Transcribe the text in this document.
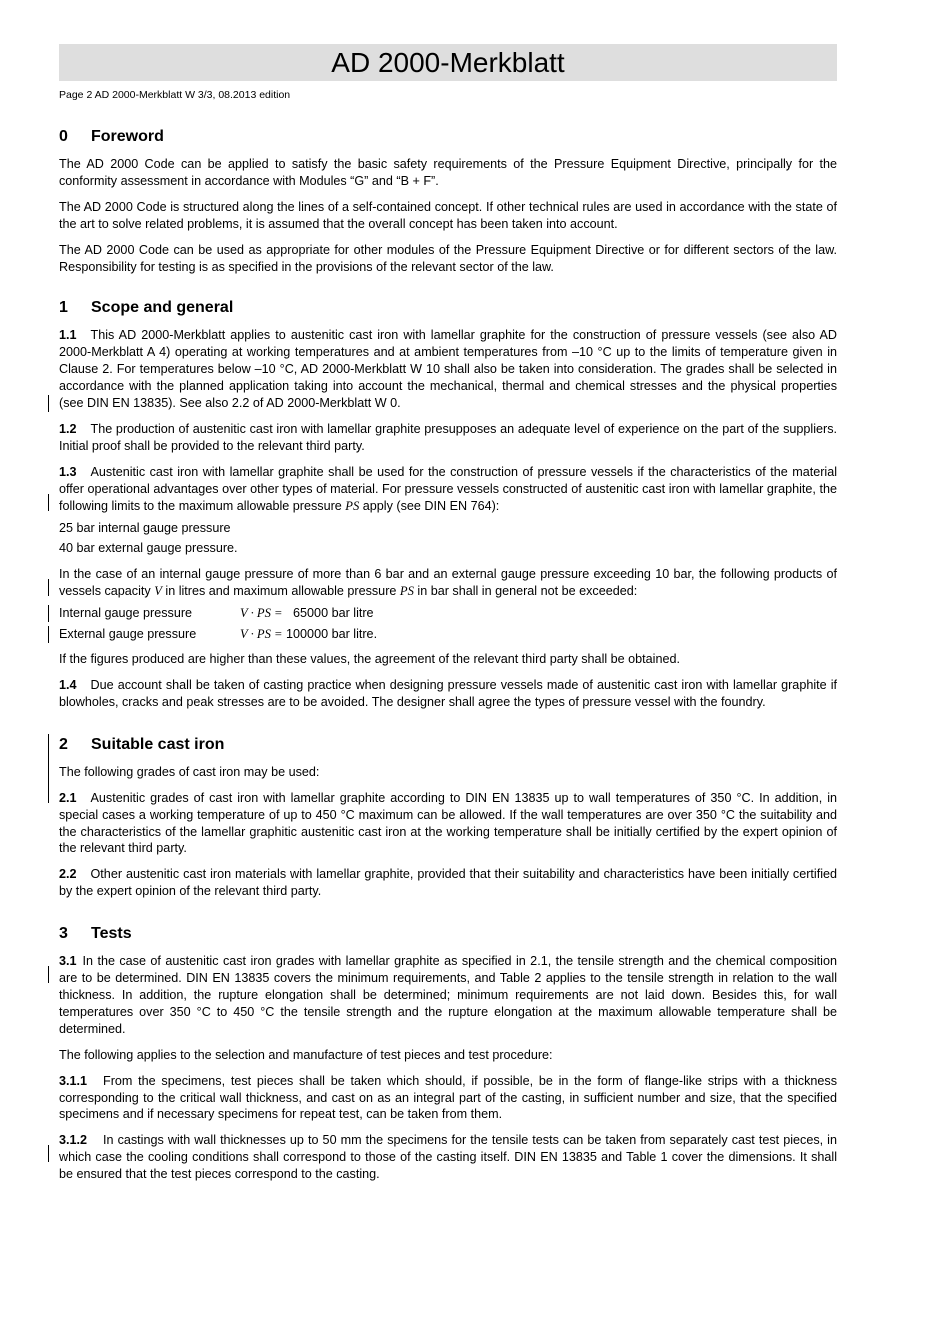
AD 2000-Merkblatt
Page 2 AD 2000-Merkblatt W 3/3, 08.2013 edition
0 Foreword

The AD 2000 Code can be applied to satisfy the basic safety requirements of the Pressure Equipment Directive, principally for the conformity assessment in accordance with Modules “G” and “B + F”.

The AD 2000 Code is structured along the lines of a self-contained concept. If other technical rules are used in accordance with the state of the art to solve related problems, it is assumed that the overall concept has been taken into account.

The AD 2000 Code can be used as appropriate for other modules of the Pressure Equipment Directive or for different sectors of the law. Responsibility for testing is as specified in the provisions of the relevant sector of the law.

1 Scope and general

1.1 This AD 2000-Merkblatt applies to austenitic cast iron with lamellar graphite for the construction of pressure vessels (see also AD 2000-Merkblatt A 4) operating at working temperatures and at ambient temperatures from –10 °C up to the limits of temperature given in Clause 2. For temperatures below –10 °C, AD 2000-Merkblatt W 10 shall also be taken into consideration. The grades shall be selected in accordance with the planned application taking into account the mechanical, thermal and chemical stresses and the physical properties (see DIN EN 13835). See also 2.2 of AD 2000-Merkblatt W 0.

1.2 The production of austenitic cast iron with lamellar graphite presupposes an adequate level of experience on the part of the suppliers. Initial proof shall be provided to the relevant third party.

1.3 Austenitic cast iron with lamellar graphite shall be used for the construction of pressure vessels if the characteristics of the material offer operational advantages over other types of material. For pressure vessels constructed of austenitic cast iron with lamellar graphite, the following limits to the maximum allowable pressure PS apply (see DIN EN 764):

25 bar internal gauge pressure

40 bar external gauge pressure.

In the case of an internal gauge pressure of more than 6 bar and an external gauge pressure exceeding 10 bar, the following products of vessels capacity V in litres and maximum allowable pressure PS in bar shall in general not be exceeded:

Internal gauge pressure	V · PS = 65000 bar litre
External gauge pressure	V · PS = 100000 bar litre.

If the figures produced are higher than these values, the agreement of the relevant third party shall be obtained.

1.4 Due account shall be taken of casting practice when designing pressure vessels made of austenitic cast iron with lamellar graphite if blowholes, cracks and peak stresses are to be avoided. The designer shall agree the types of pressure vessel with the foundry.

2 Suitable cast iron

The following grades of cast iron may be used:

2.1 Austenitic grades of cast iron with lamellar graphite according to DIN EN 13835 up to wall temperatures of 350 °C. In addition, in special cases a working temperature of up to 450 °C maximum can be allowed. If the wall temperatures are over 350 °C the suitability and the characteristics of the lamellar graphitic austenitic cast iron at the working temperature shall be initially certified by the expert opinion of the relevant third party.

2.2 Other austenitic cast iron materials with lamellar graphite, provided that their suitability and characteristics have been initially certified by the expert opinion of the relevant third party.

3 Tests

3.1 In the case of austenitic cast iron grades with lamellar graphite as specified in 2.1, the tensile strength and the chemical composition are to be determined. DIN EN 13835 covers the minimum requirements, and Table 2 applies to the tensile strength in relation to the wall thickness. In addition, the rupture elongation shall be determined; minimum requirements are not laid down. Besides this, for wall temperatures over 350 °C to 450 °C the tensile strength and the rupture elongation at the maximum allowable temperature shall be determined.

The following applies to the selection and manufacture of test pieces and test procedure:

3.1.1 From the specimens, test pieces shall be taken which should, if possible, be in the form of flange-like strips with a thickness corresponding to the critical wall thickness, and cast on as an integral part of the casting, in sufficient number and size, that the specified specimens and if necessary specimens for repeat test, can be taken from them.

3.1.2 In castings with wall thicknesses up to 50 mm the specimens for the tensile tests can be taken from separately cast test pieces, in which case the cooling conditions shall correspond to those of the casting itself. DIN EN 13835 and Table 1 cover the dimensions. It shall be ensured that the test pieces correspond to the casting.
